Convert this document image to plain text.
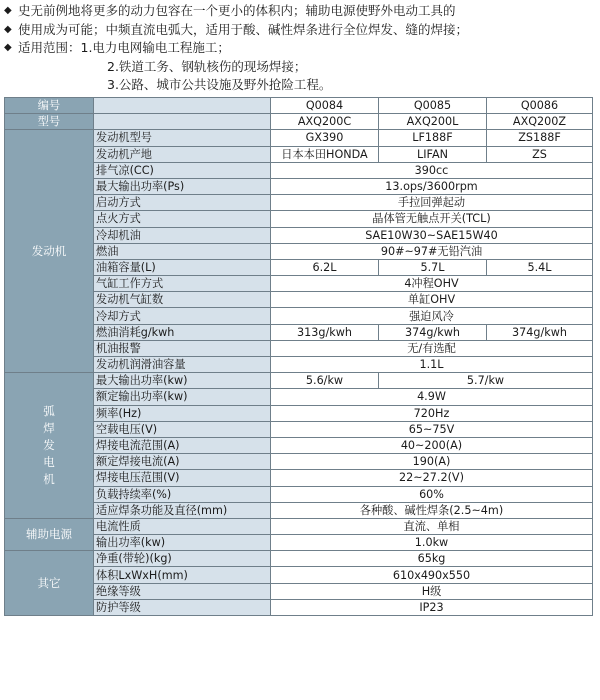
◆ 史无前例地将更多的动力包容在一个更小的体积内；辅助电源使野外电动工具的
◆ 使用成为可能；中频直流电弧大，适用于酸、碱性焊条进行全位焊发、缝的焊接；
◆ 适用范围：1.电力电网输电工程施工；
2.铁道工务、钢轨核伤的现场焊接；
3.公路、城市公共设施及野外抢险工程。
编号		Q0084	Q0085	Q0086
型号		AXQ200C	AXQ200L	AXQ200Z
发动机	发动机型号	GX390	LF188F	ZS188F
	发动机产地	日本本田HONDA	LIFAN	ZS
	排气凉(CC)	390cc		
	最大输出功率(Ps)	13.ops/3600rpm		
	启动方式	手拉回弹起动		
	点火方式	晶体管无触点开关(TCL)		
	冷却机油	SAE10W30~SAE15W40		
	燃油	90#~97#无铅汽油		
	油箱容量(L)	6.2L	5.7L	5.4L
	气缸工作方式	4冲程OHV		
	发动机气缸数	单缸OHV		
	冷却方式	强迫风冷		
	燃油消耗g/kwh	313g/kwh	374g/kwh	374g/kwh
	机油报警	无/有选配		
	发动机润滑油容量	1.1L		
弧
焊
发
电
机	最大输出功率(kw)	5.6/kw	5.7/kw	
	额定输出功率(kw)	4.9W		
	频率(Hz)	720Hz		
	空载电压(V)	65~75V		
	焊接电流范围(A)	40~200(A)		
	额定焊接电流(A)	190(A)		
	焊接电压范围(V)	22~27.2(V)		
	负载持续率(%)	60%		
	适应焊条功能及直径(mm)	各种酸、碱性焊条(2.5~4m)		
辅助电源	电流性质	直流、单相		
	输出功率(kw)	1.0kw		
其它	净重(带轮)(kg)	65kg		
	体积LxWxH(mm)	610x490x550		
	绝缘等级	H级		
	防护等级	IP23		
